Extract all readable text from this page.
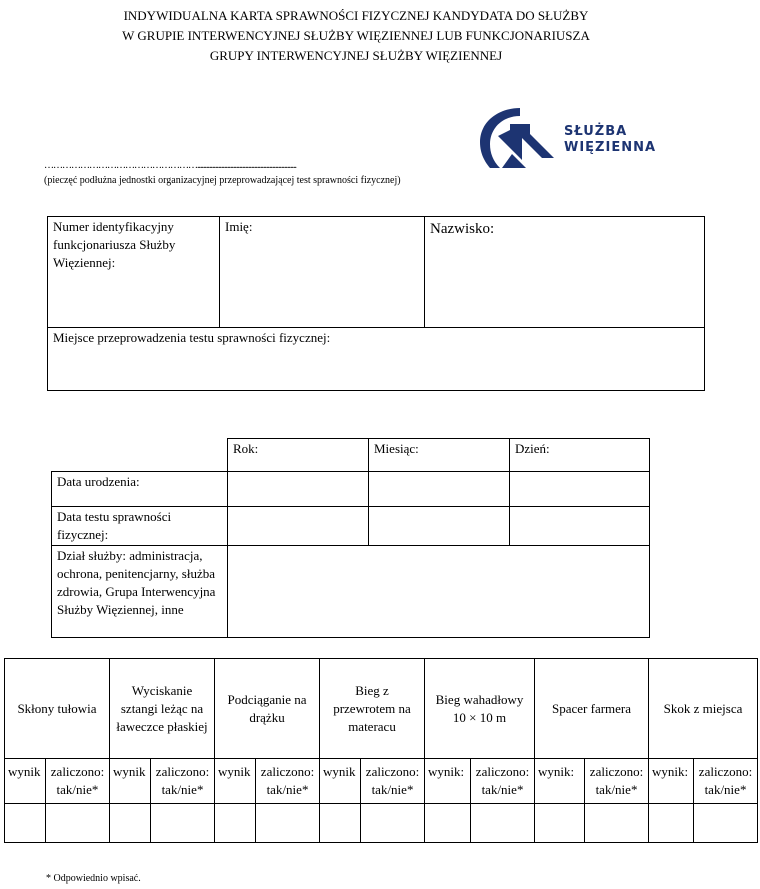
INDYWIDUALNA KARTA SPRAWNOŚCI FIZYCZNEJ KANDYDATA DO SŁUŻBY
W GRUPIE INTERWENCYJNEJ SŁUŻBY WIĘZIENNEJ LUB FUNKCJONARIUSZA
GRUPY INTERWENCYJNEJ SŁUŻBY WIĘZIENNEJ
SŁUŻBA
WIĘZIENNA
……………………………………………..................................................................
(pieczęć podłużna jednostki organizacyjnej przeprowadzającej test sprawności fizycznej)
Numer identyfikacyjny funkcjonariusza Służby Więziennej:	Imię:	Nazwisko:
Miejsce przeprowadzenia testu sprawności fizycznej:
	Rok:	Miesiąc:	Dzień:
Data urodzenia:			
Data testu sprawności fizycznej:			
Dział służby: administracja, ochrona, penitencjarny, służba zdrowia, Grupa Interwencyjna Służby Więziennej, inne			
Skłony tułowia		Wyciskanie sztangi leżąc na ławeczce płaskiej		Podciąganie na drążku		Bieg z przewrotem na materacu		Bieg wahadłowy 10 × 10 m		Spacer farmera		Skok z miejsca	
wynik	zaliczono: tak/nie*	wynik	zaliczono: tak/nie*	wynik	zaliczono: tak/nie*	wynik	zaliczono: tak/nie*	wynik:	zaliczono: tak/nie*	wynik:	zaliczono: tak/nie*	wynik:	zaliczono: tak/nie*

* Odpowiednio wpisać.
